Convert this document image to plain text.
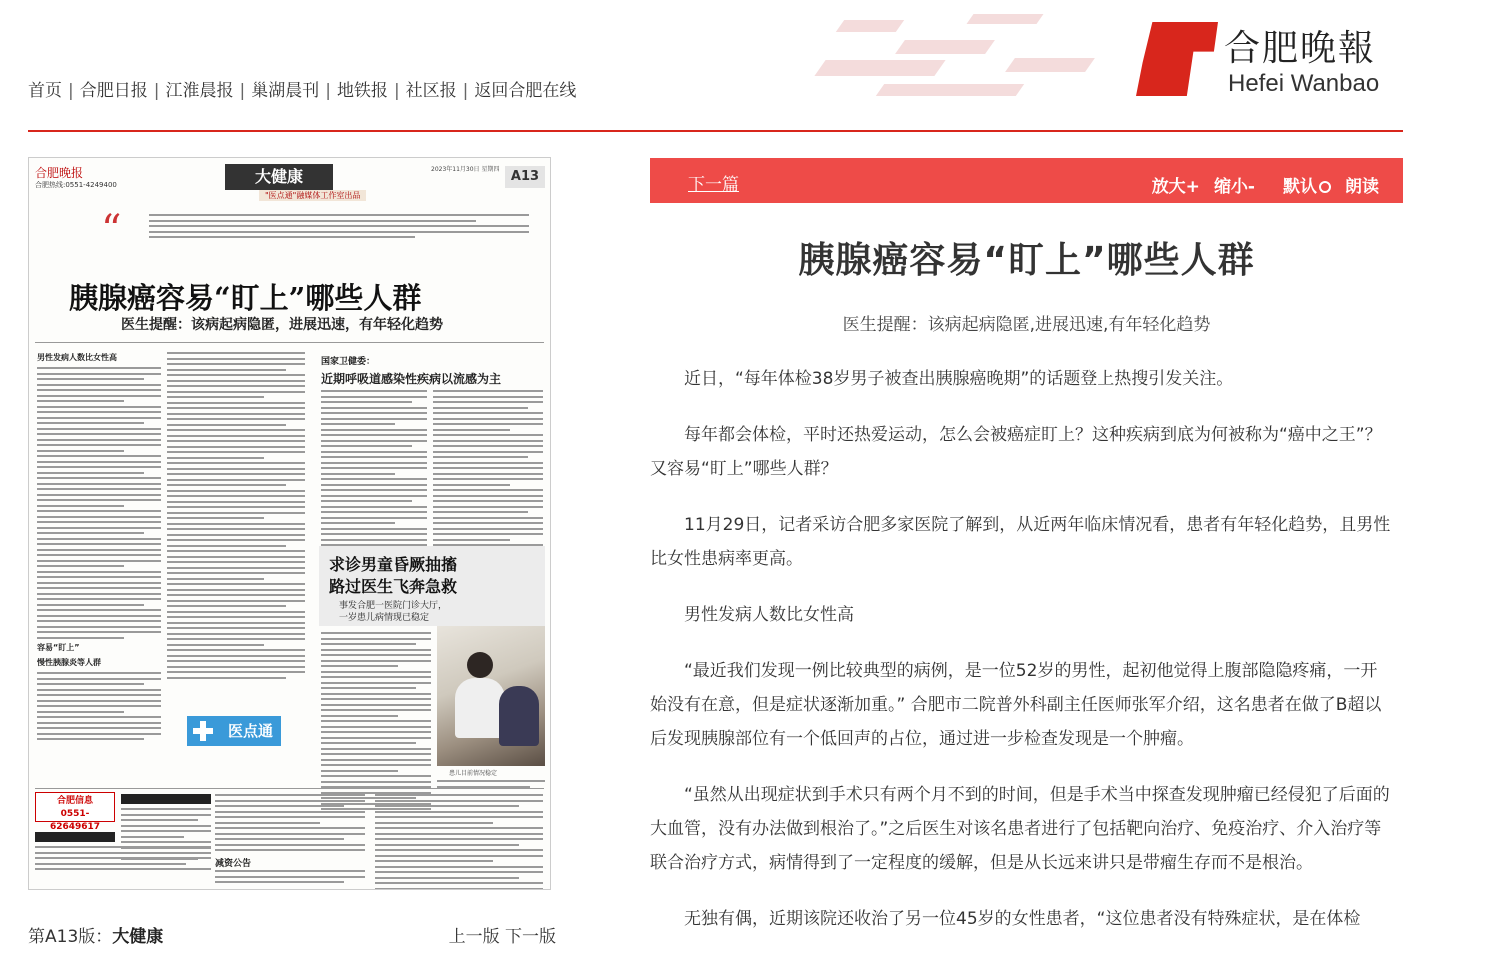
首页 | 合肥日报 | 江淮晨报 | 巢湖晨刊 | 地铁报 | 社区报 | 返回合肥在线
合肥晚報
Hefei Wanbao
合肥晚报
合肥热线:0551-4249400	大健康	2023年11月30日 星期四 A13
"医点通"融媒体工作室出品
“
胰腺癌容易“盯上”哪些人群
医生提醒：该病起病隐匿，进展迅速，有年轻化趋势
男性发病人数比女性高
容易“盯上”
慢性胰腺炎等人群
国家卫健委：
近期呼吸道感染性疾病以流感为主
求诊男童昏厥抽搐
路过医生飞奔急救
事发合肥一医院门诊大厅，
一岁患儿病情现已稳定
患儿目前情况稳定
医点通
合肥信息
0551-62649617
减资公告
第A13版：大健康	上一版 下一版
下一篇	放大+ 缩小- 默认 朗读
胰腺癌容易“盯上”哪些人群
医生提醒：该病起病隐匿,进展迅速,有年轻化趋势

近日，“每年体检38岁男子被查出胰腺癌晚期”的话题登上热搜引发关注。

每年都会体检，平时还热爱运动，怎么会被癌症盯上？这种疾病到底为何被称为“癌中之王”？又容易“盯上”哪些人群？

11月29日，记者采访合肥多家医院了解到，从近两年临床情况看，患者有年轻化趋势，且男性比女性患病率更高。

男性发病人数比女性高

“最近我们发现一例比较典型的病例，是一位52岁的男性，起初他觉得上腹部隐隐疼痛，一开始没有在意，但是症状逐渐加重。” 合肥市二院普外科副主任医师张军介绍，这名患者在做了B超以后发现胰腺部位有一个低回声的占位，通过进一步检查发现是一个肿瘤。

“虽然从出现症状到手术只有两个月不到的时间，但是手术当中探查发现肿瘤已经侵犯了后面的大血管，没有办法做到根治了。”之后医生对该名患者进行了包括靶向治疗、免疫治疗、介入治疗等联合治疗方式，病情得到了一定程度的缓解，但是从长远来讲只是带瘤生存而不是根治。

无独有偶，近期该院还收治了另一位45岁的女性患者，“这位患者没有特殊症状，是在体检
